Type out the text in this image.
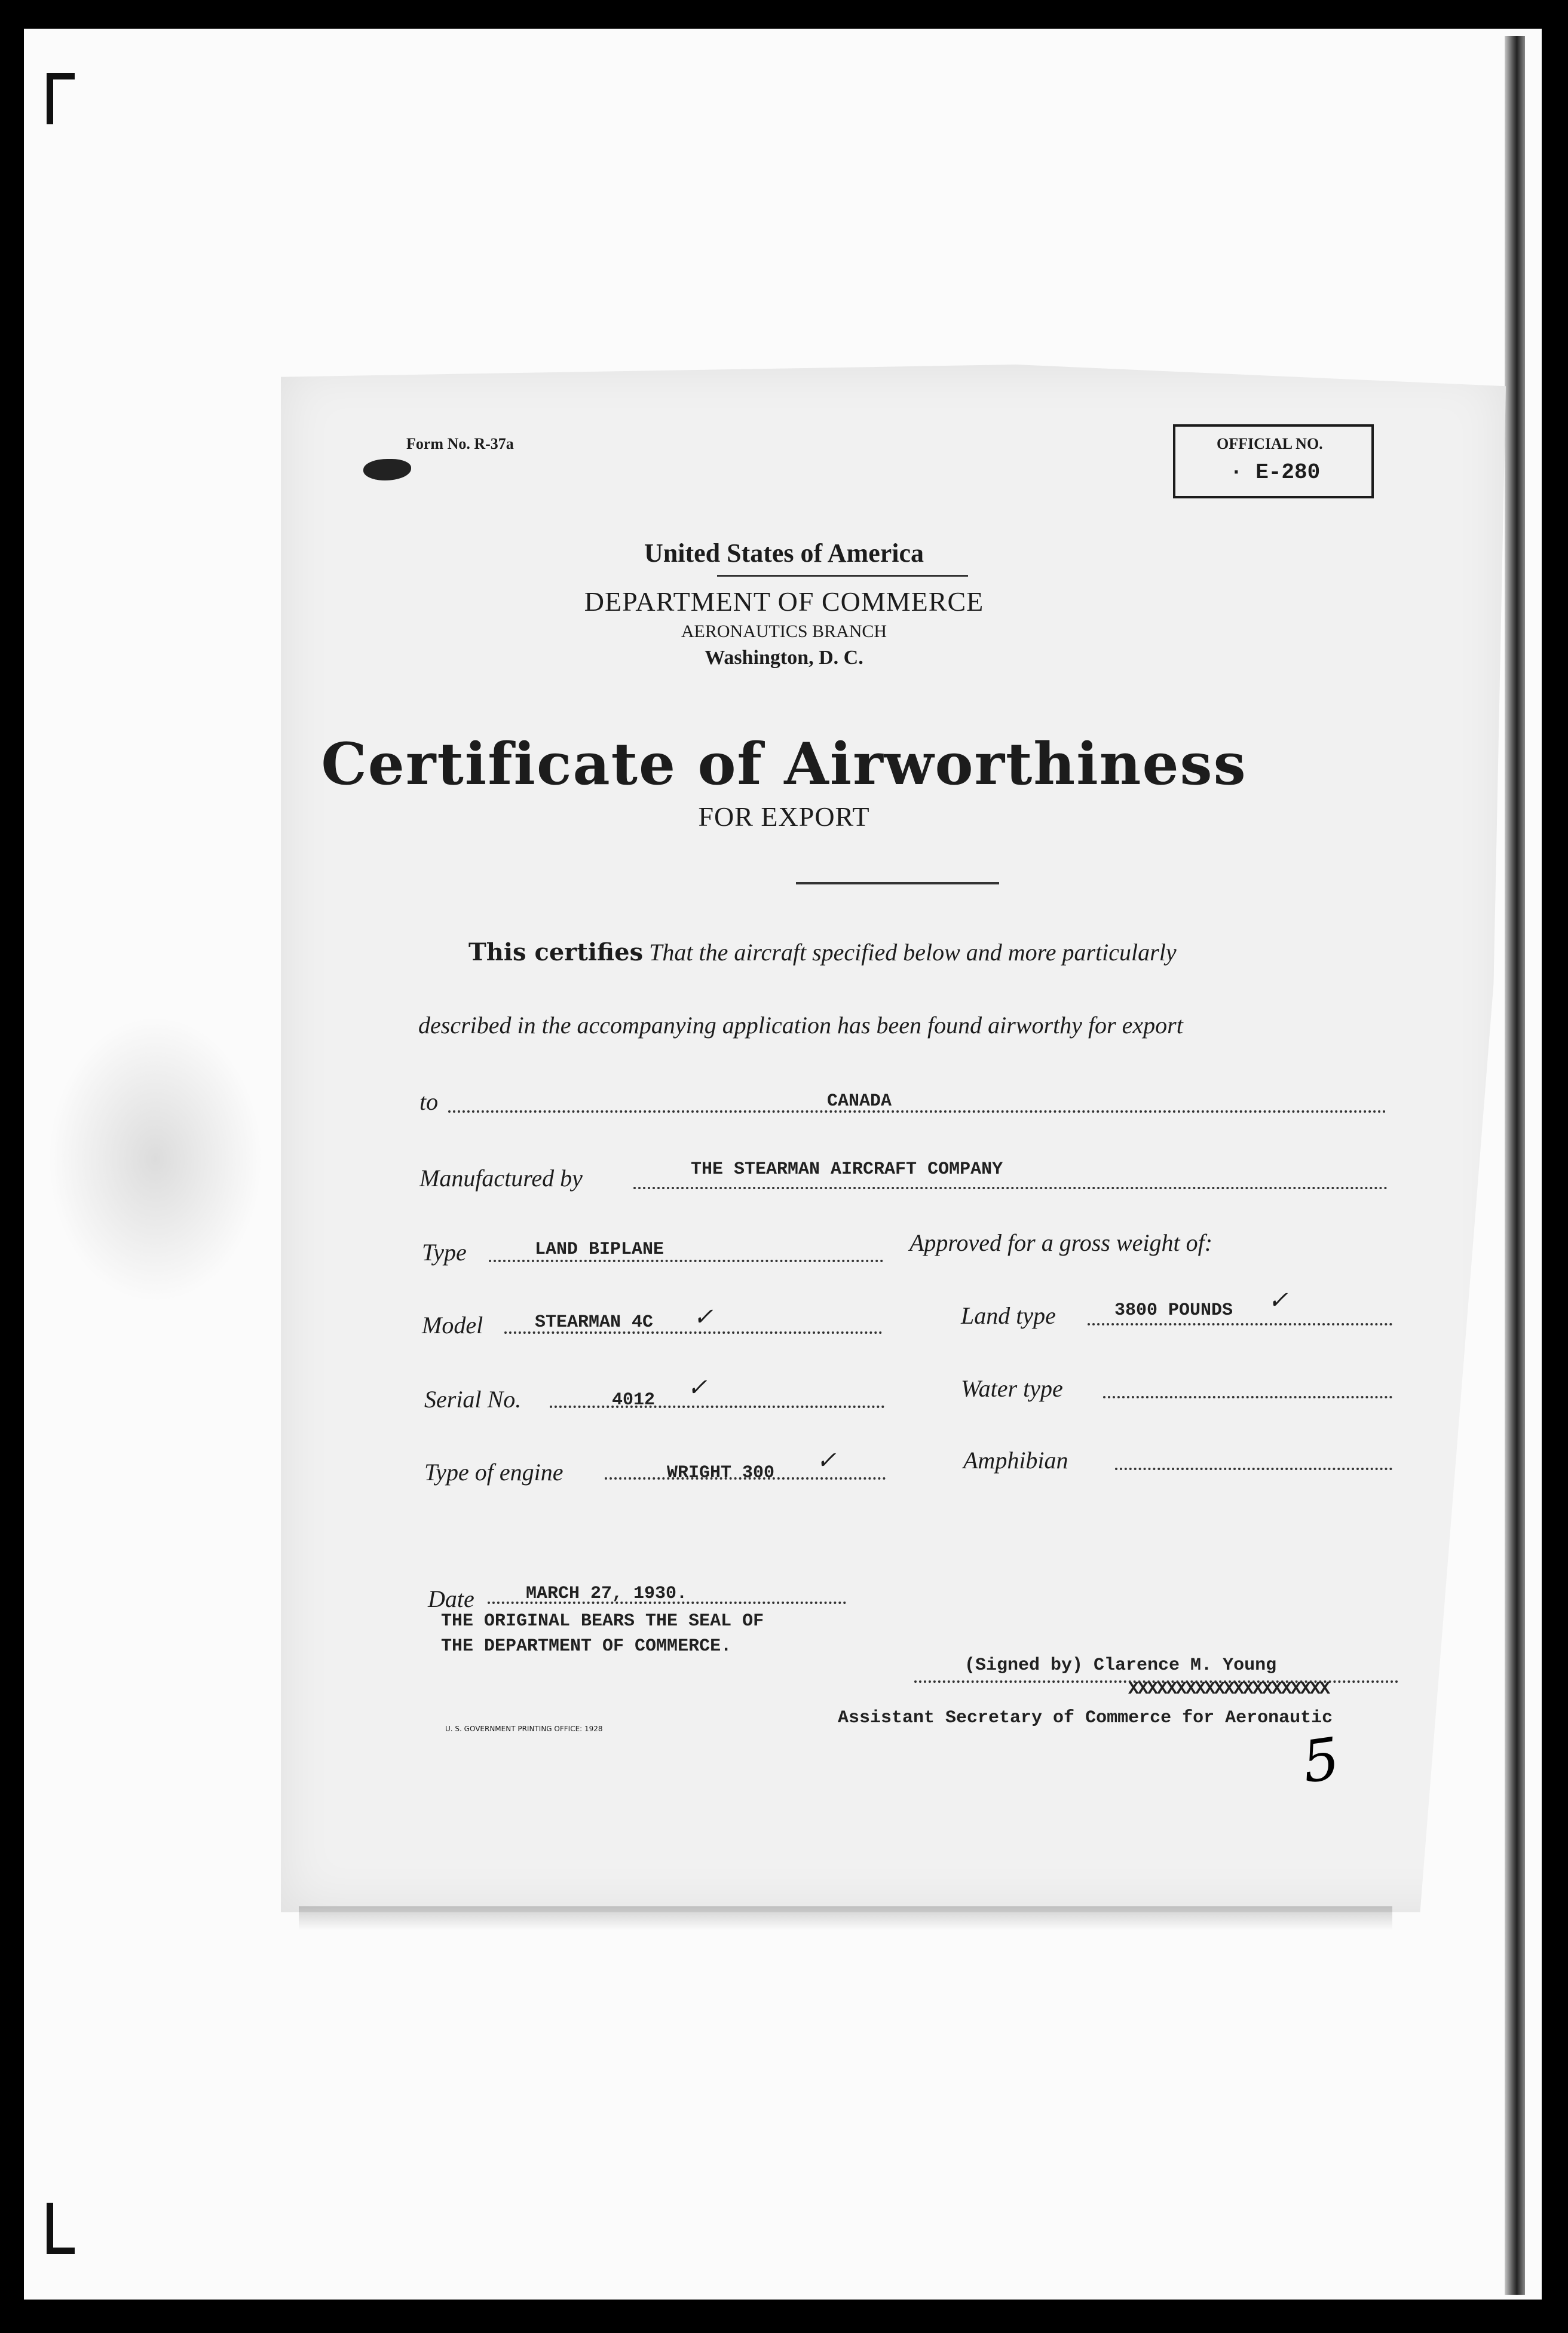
Form No. R-37a	OFFICIAL NO.
· E-280
United States of America
DEPARTMENT OF COMMERCE
AERONAUTICS BRANCH
Washington, D. C.
Certificate of Airworthiness
FOR EXPORT
This certifies That the aircraft specified below and more particularly
described in the accompanying application has been found airworthy for export
to	CANADA
Manufactured by	THE STEARMAN AIRCRAFT COMPANY
Type	LAND BIPLANE	Approved for a gross weight of:
Model	STEARMAN 4C ✓	Land type	3800 POUNDS ✓
Serial No.	4012 ✓	Water type
Type of engine	WRIGHT 300 ✓	Amphibian
Date	MARCH 27, 1930.
THE ORIGINAL BEARS THE SEAL OF
THE DEPARTMENT OF COMMERCE.
(Signed by) Clarence M. Young
XXXXXXXXXXXXXXXXXXXXX
Assistant Secretary of Commerce for Aeronautic
U. S. GOVERNMENT PRINTING OFFICE: 1928	5
